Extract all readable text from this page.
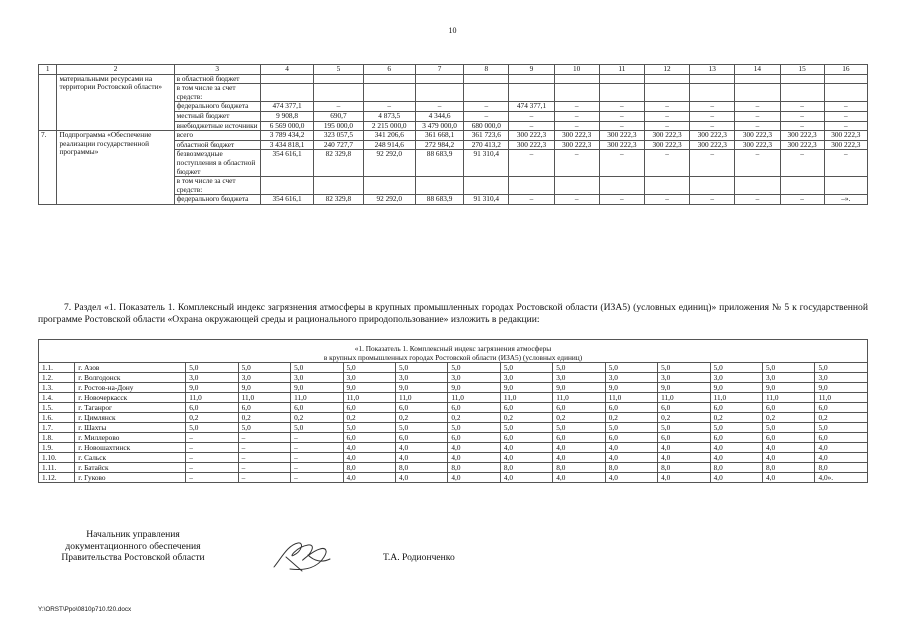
10
1	2	3	4	5	6	7	8	9	10	11	12	13	14	15	16
	материальными ресурсами на территории Ростовской области»	в областной бюджет													
		в том числе за счет средств:													
		федерального бюджета	474 377,1	–	–	–	–	474 377,1	–	–	–	–	–	–	–
		местный бюджет	9 908,8	690,7	4 873,5	4 344,6	–	–	–	–	–	–	–	–	–
		внебюджетные источники	6 569 000,0	195 000,0	2 215 000,0	3 479 000,0	680 000,0	–	–	–	–	–	–	–	–
7.	Подпрограмма «Обеспечение реализации государственной программы»	всего	3 789 434,2	323 057,5	341 206,6	361 668,1	361 723,6	300 222,3	300 222,3	300 222,3	300 222,3	300 222,3	300 222,3	300 222,3	300 222,3
		областной бюджет	3 434 818,1	240 727,7	248 914,6	272 984,2	270 413,2	300 222,3	300 222,3	300 222,3	300 222,3	300 222,3	300 222,3	300 222,3	300 222,3
		безвозмездные поступления в областной бюджет	354 616,1	82 329,8	92 292,0	88 683,9	91 310,4	–	–	–	–	–	–	–	–
		в том числе за счет средств:													
		федерального бюджета	354 616,1	82 329,8	92 292,0	88 683,9	91 310,4	–	–	–	–	–	–	–	–».

7. Раздел «1. Показатель 1. Комплексный индекс загрязнения атмосферы в крупных промышленных городах Ростовской области (ИЗА5) (условных единиц)» приложения № 5 к государственной программе Ростовской области «Охрана окружающей среды и рационального природопользование» изложить в редакции:

«1. Показатель 1. Комплексный индекс загрязнения атмосферы
в крупных промышленных городах Ростовской области (ИЗА5) (условных единиц)														

1.1.	г. Азов	5,0	5,0	5,0	5,0	5,0	5,0	5,0	5,0	5,0	5,0	5,0	5,0	5,0
1.2.	г. Волгодонск	3,0	3,0	3,0	3,0	3,0	3,0	3,0	3,0	3,0	3,0	3,0	3,0	3,0
1.3.	г. Ростов-на-Дону	9,0	9,0	9,0	9,0	9,0	9,0	9,0	9,0	9,0	9,0	9,0	9,0	9,0
1.4.	г. Новочеркасск	11,0	11,0	11,0	11,0	11,0	11,0	11,0	11,0	11,0	11,0	11,0	11,0	11,0
1.5.	г. Таганрог	6,0	6,0	6,0	6,0	6,0	6,0	6,0	6,0	6,0	6,0	6,0	6,0	6,0
1.6.	г. Цимлянск	0,2	0,2	0,2	0,2	0,2	0,2	0,2	0,2	0,2	0,2	0,2	0,2	0,2
1.7.	г. Шахты	5,0	5,0	5,0	5,0	5,0	5,0	5,0	5,0	5,0	5,0	5,0	5,0	5,0
1.8.	г. Миллерово	–	–	–	6,0	6,0	6,0	6,0	6,0	6,0	6,0	6,0	6,0	6,0
1.9.	г. Новошахтинск	–	–	–	4,0	4,0	4,0	4,0	4,0	4,0	4,0	4,0	4,0	4,0
1.10.	г. Сальск	–	–	–	4,0	4,0	4,0	4,0	4,0	4,0	4,0	4,0	4,0	4,0
1.11.	г. Батайск	–	–	–	8,0	8,0	8,0	8,0	8,0	8,0	8,0	8,0	8,0	8,0
1.12.	г. Гуково	–	–	–	4,0	4,0	4,0	4,0	4,0	4,0	4,0	4,0	4,0	4,0».
Начальник управления
документационного обеспечения
Правительства Ростовской области	Т.А. Родионченко
Y:\ORST\Ppo\0810p710.f20.docx
